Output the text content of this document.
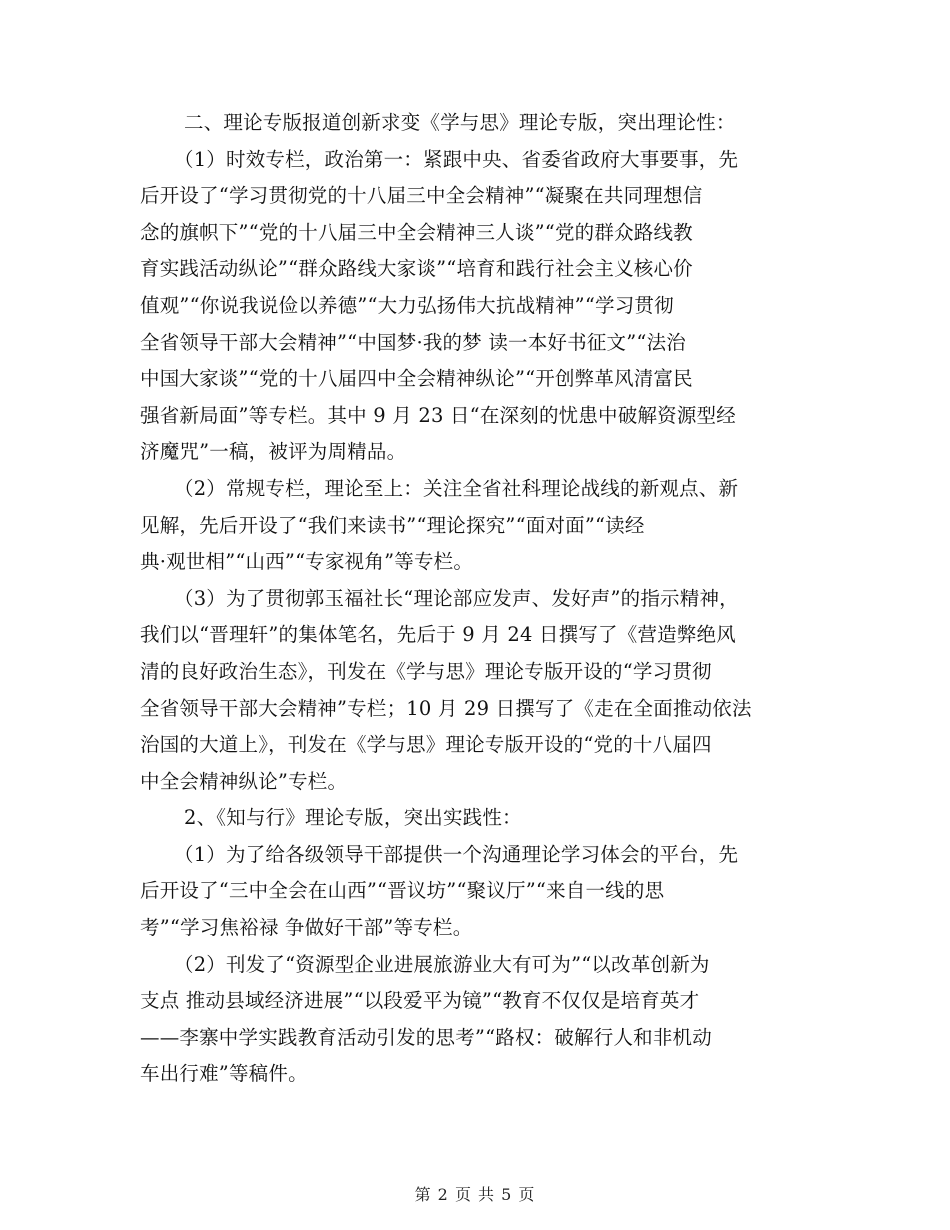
二、理论专版报道创新求变《学与思》理论专版，突出理论性：
（1）时效专栏，政治第一：紧跟中央、省委省政府大事要事，先
后开设了“学习贯彻党的十八届三中全会精神”“凝聚在共同理想信
念的旗帜下”“党的十八届三中全会精神三人谈”“党的群众路线教
育实践活动纵论”“群众路线大家谈”“培育和践行社会主义核心价
值观”“你说我说俭以养德”“大力弘扬伟大抗战精神”“学习贯彻
全省领导干部大会精神”“中国梦·我的梦 读一本好书征文”“法治
中国大家谈”“党的十八届四中全会精神纵论”“开创弊革风清富民
强省新局面”等专栏。其中 9 月 23 日“在深刻的忧患中破解资源型经
济魔咒”一稿，被评为周精品。
（2）常规专栏，理论至上：关注全省社科理论战线的新观点、新
见解，先后开设了“我们来读书”“理论探究”“面对面”“读经
典·观世相”“山西”“专家视角”等专栏。
（3）为了贯彻郭玉福社长“理论部应发声、发好声”的指示精神，
我们以“晋理轩”的集体笔名，先后于 9 月 24 日撰写了《营造弊绝风
清的良好政治生态》，刊发在《学与思》理论专版开设的“学习贯彻
全省领导干部大会精神”专栏；10 月 29 日撰写了《走在全面推动依法
治国的大道上》，刊发在《学与思》理论专版开设的“党的十八届四
中全会精神纵论”专栏。
2、《知与行》理论专版，突出实践性：
（1）为了给各级领导干部提供一个沟通理论学习体会的平台，先
后开设了“三中全会在山西”“晋议坊”“聚议厅”“来自一线的思
考”“学习焦裕禄 争做好干部”等专栏。
（2）刊发了“资源型企业进展旅游业大有可为”“以改革创新为
支点 推动县域经济进展”“以段爱平为镜”“教育不仅仅是培育英才
——李寨中学实践教育活动引发的思考”“路权：破解行人和非机动
车出行难”等稿件。
第 2 页 共 5 页
